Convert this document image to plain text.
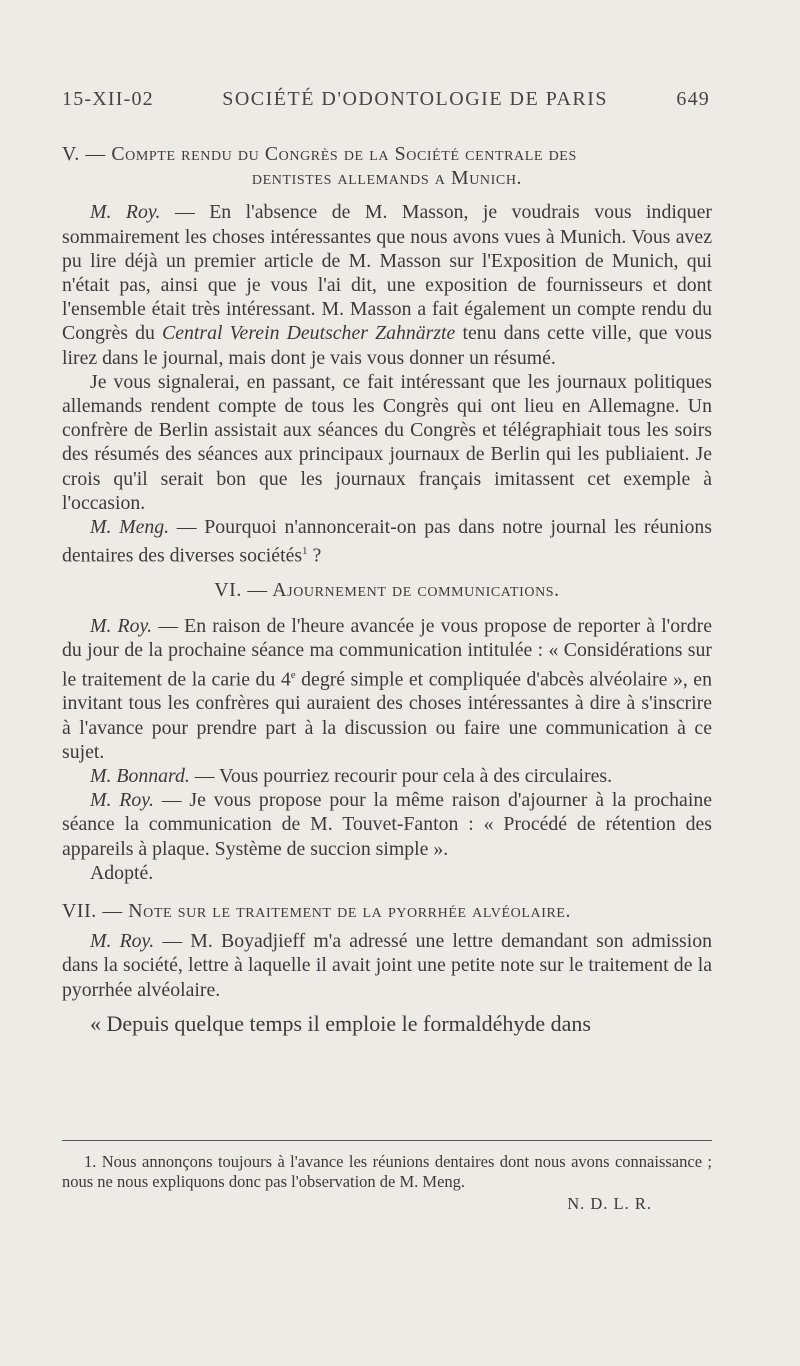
15-XII-02	SOCIÉTÉ D'ODONTOLOGIE DE PARIS	649
V. — Compte rendu du Congrès de la Société centrale des
dentistes allemands a Munich.

M. Roy. — En l'absence de M. Masson, je voudrais vous indiquer sommairement les choses intéressantes que nous avons vues à Munich. Vous avez pu lire déjà un premier article de M. Masson sur l'Exposition de Munich, qui n'était pas, ainsi que je vous l'ai dit, une exposition de fournisseurs et dont l'ensemble était très intéressant. M. Masson a fait également un compte rendu du Congrès du Central Verein Deutscher Zahnärzte tenu dans cette ville, que vous lirez dans le journal, mais dont je vais vous donner un résumé.

Je vous signalerai, en passant, ce fait intéressant que les journaux politiques allemands rendent compte de tous les Congrès qui ont lieu en Allemagne. Un confrère de Berlin assistait aux séances du Congrès et télégraphiait tous les soirs des résumés des séances aux principaux journaux de Berlin qui les publiaient. Je crois qu'il serait bon que les journaux français imitassent cet exemple à l'occasion.

M. Meng. — Pourquoi n'annoncerait-on pas dans notre journal les réunions dentaires des diverses sociétés$^1$ ?

VI. — Ajournement de communications.

M. Roy. — En raison de l'heure avancée je vous propose de reporter à l'ordre du jour de la prochaine séance ma communication intitulée : « Considérations sur le traitement de la carie du 4e degré simple et compliquée d'abcès alvéolaire », en invitant tous les confrères qui auraient des choses intéressantes à dire à s'inscrire à l'avance pour prendre part à la discussion ou faire une communication à ce sujet.

M. Bonnard. — Vous pourriez recourir pour cela à des circulaires.

M. Roy. — Je vous propose pour la même raison d'ajourner à la prochaine séance la communication de M. Touvet-Fanton : « Procédé de rétention des appareils à plaque. Système de succion simple ».

Adopté.

VII. — Note sur le traitement de la pyorrhée alvéolaire.

M. Roy. — M. Boyadjieff m'a adressé une lettre demandant son admission dans la société, lettre à laquelle il avait joint une petite note sur le traitement de la pyorrhée alvéolaire.

« Depuis quelque temps il emploie le formaldéhyde dans

1. Nous annonçons toujours à l'avance les réunions dentaires dont nous avons connaissance ; nous ne nous expliquons donc pas l'observation de M. Meng.

N. D. L. R.
